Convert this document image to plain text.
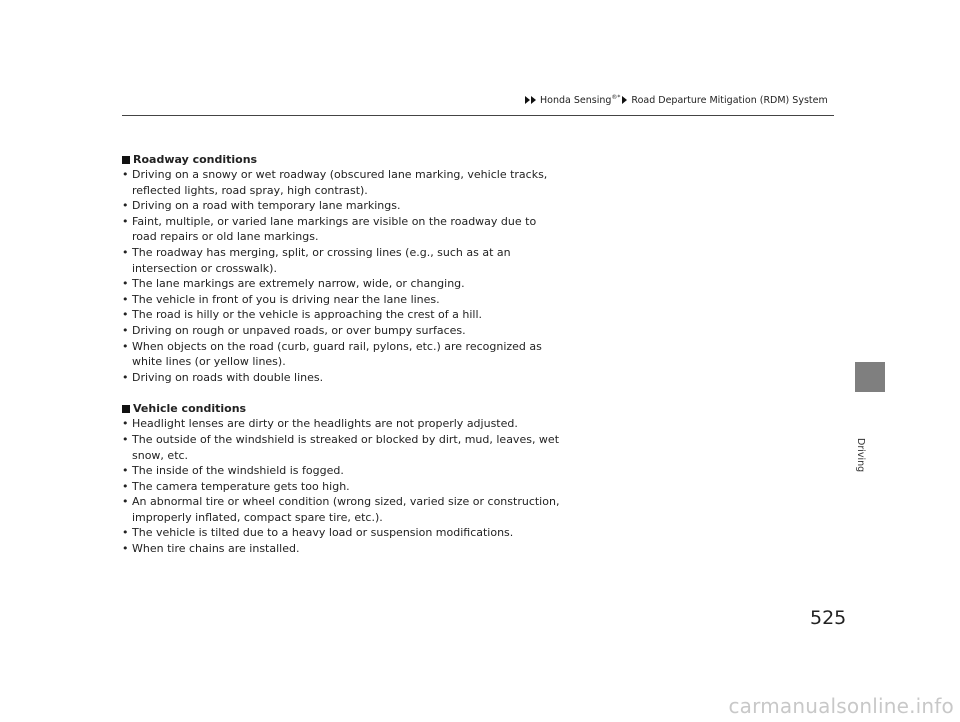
Honda Sensing®* Road Departure Mitigation (RDM) System
Driving
Roadway conditions
• Driving on a snowy or wet roadway (obscured lane marking, vehicle tracks, reflected lights, road spray, high contrast).
• Driving on a road with temporary lane markings.
• Faint, multiple, or varied lane markings are visible on the roadway due to road repairs or old lane markings.
• The roadway has merging, split, or crossing lines (e.g., such as at an intersection or crosswalk).
• The lane markings are extremely narrow, wide, or changing.
• The vehicle in front of you is driving near the lane lines.
• The road is hilly or the vehicle is approaching the crest of a hill.
• Driving on rough or unpaved roads, or over bumpy surfaces.
• When objects on the road (curb, guard rail, pylons, etc.) are recognized as white lines (or yellow lines).
• Driving on roads with double lines.
Vehicle conditions
• Headlight lenses are dirty or the headlights are not properly adjusted.
• The outside of the windshield is streaked or blocked by dirt, mud, leaves, wet snow, etc.
• The inside of the windshield is fogged.
• The camera temperature gets too high.
• An abnormal tire or wheel condition (wrong sized, varied size or construction, improperly inflated, compact spare tire, etc.).
• The vehicle is tilted due to a heavy load or suspension modifications.
• When tire chains are installed.
525
carmanualsonline.info
